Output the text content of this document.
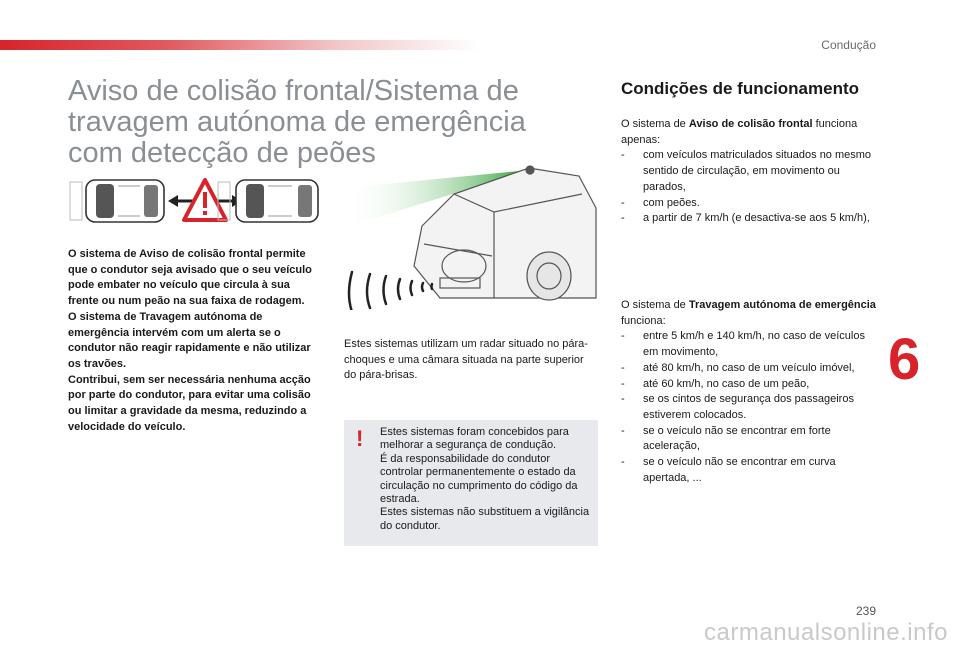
Condução
Aviso de colisão frontal/Sistema de travagem autónoma de emergência com detecção de peões
O sistema de Aviso de colisão frontal permite que o condutor seja avisado que o seu veículo pode embater no veículo que circula à sua frente ou num peão na sua faixa de rodagem.
O sistema de Travagem autónoma de emergência intervém com um alerta se o condutor não reagir rapidamente e não utilizar os travões.
Contribui, sem ser necessária nenhuma acção por parte do condutor, para evitar uma colisão ou limitar a gravidade da mesma, reduzindo a velocidade do veículo.
Estes sistemas utilizam um radar situado no pára-choques e uma câmara situada na parte superior do pára-brisas.
! Estes sistemas foram concebidos para melhorar a segurança de condução.

É da responsabilidade do condutor controlar permanentemente o estado da circulação no cumprimento do código da estrada.

Estes sistemas não substituem a vigilância do condutor.

Condições de funcionamento

O sistema de Aviso de colisão frontal funciona apenas:

- com veículos matriculados situados no mesmo sentido de circulação, em movimento ou parados,
- com peões.
- a partir de 7 km/h (e desactiva-se aos 5 km/h),

O sistema de Travagem autónoma de emergência funciona:

- entre 5 km/h e 140 km/h, no caso de veículos em movimento,
- até 80 km/h, no caso de um veículo imóvel,
- até 60 km/h, no caso de um peão,
- se os cintos de segurança dos passageiros estiverem colocados.
- se o veículo não se encontrar em forte aceleração,
- se o veículo não se encontrar em curva apertada, ...
6
239
carmanualsonline.info
